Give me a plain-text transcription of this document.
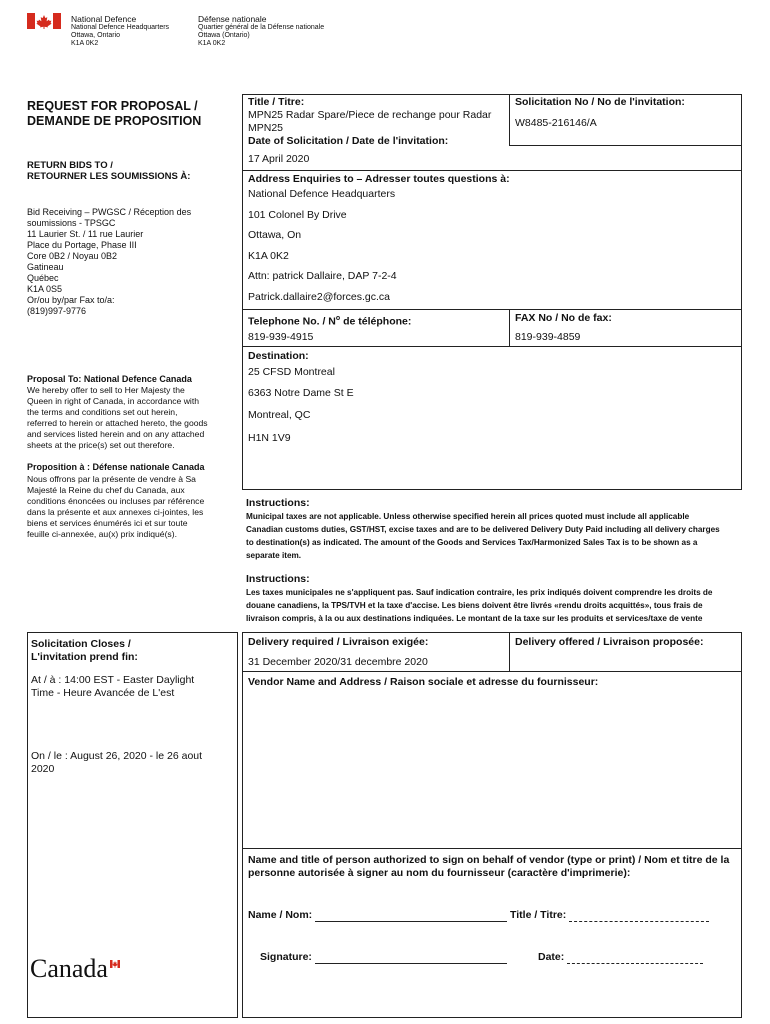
National Defence
National Defence Headquarters
Ottawa, Ontario
K1A 0K2
Défense nationale
Quartier général de la Défense nationale
Ottawa (Ontario)
K1A 0K2
REQUEST FOR PROPOSAL /
DEMANDE DE PROPOSITION
RETURN BIDS TO /
RETOURNER LES SOUMISSIONS À:
Bid Receiving – PWGSC / Réception des
soumissions - TPSGC
11 Laurier St. / 11 rue Laurier
Place du Portage, Phase III
Core 0B2 / Noyau 0B2
Gatineau
Québec
K1A 0S5
Or/ou by/par Fax to/a:
(819)997-9776
Proposal To: National Defence Canada
We hereby offer to sell to Her Majesty the
Queen in right of Canada, in accordance with
the terms and conditions set out herein,
referred to herein or attached hereto, the goods
and services listed herein and on any attached
sheets at the price(s) set out therefore.
Proposition à : Défense nationale Canada
Nous offrons par la présente de vendre à Sa
Majesté la Reine du chef du Canada, aux
conditions énoncées ou incluses par référence
dans la présente et aux annexes ci-jointes, les
biens et services énumérés ici et sur toute
feuille ci-annexée, au(x) prix indiqué(s).
Solicitation Closes /
L'invitation prend fin:
At / à : 14:00 EST - Easter Daylight
Time - Heure Avancée de L'est
On / le : August 26, 2020 - le 26 aout
2020
Canada
Title / Titre:
MPN25 Radar Spare/Piece de rechange pour Radar
MPN25
Solicitation No / No de l'invitation:
W8485-216146/A
Date of Solicitation / Date de l'invitation:
17 April 2020
Address Enquiries to – Adresser toutes questions à:
National Defence Headquarters
101 Colonel By Drive
Ottawa, On
K1A 0K2
Attn: patrick Dallaire, DAP 7-2-4
Patrick.dallaire2@forces.gc.ca
Telephone No. / $N^o$ de téléphone:
819-939-4915
FAX No / No de fax:
819-939-4859
Destination:
25 CFSD Montreal
6363 Notre Dame St E
Montreal, QC
H1N 1V9
Instructions:
Municipal taxes are not applicable. Unless otherwise specified herein all prices quoted must include all applicable
Canadian customs duties, GST/HST, excise taxes and are to be delivered Delivery Duty Paid including all delivery charges
to destination(s) as indicated. The amount of the Goods and Services Tax/Harmonized Sales Tax is to be shown as a
separate item.
Instructions:
Les taxes municipales ne s'appliquent pas. Sauf indication contraire, les prix indiqués doivent comprendre les droits de
douane canadiens, la TPS/TVH et la taxe d'accise. Les biens doivent être livrés «rendu droits acquittés», tous frais de
livraison compris, à la ou aux destinations indiquées. Le montant de la taxe sur les produits et services/taxe de vente
Delivery required / Livraison exigée:
31 December 2020/31 decembre 2020
Delivery offered / Livraison proposée:
Vendor Name and Address / Raison sociale et adresse du fournisseur:
Name and title of person authorized to sign on behalf of vendor (type or print) / Nom et titre de la
personne autorisée à signer au nom du fournisseur (caractère d'imprimerie):
Name / Nom:	Title / Titre:
Signature:	Date:
